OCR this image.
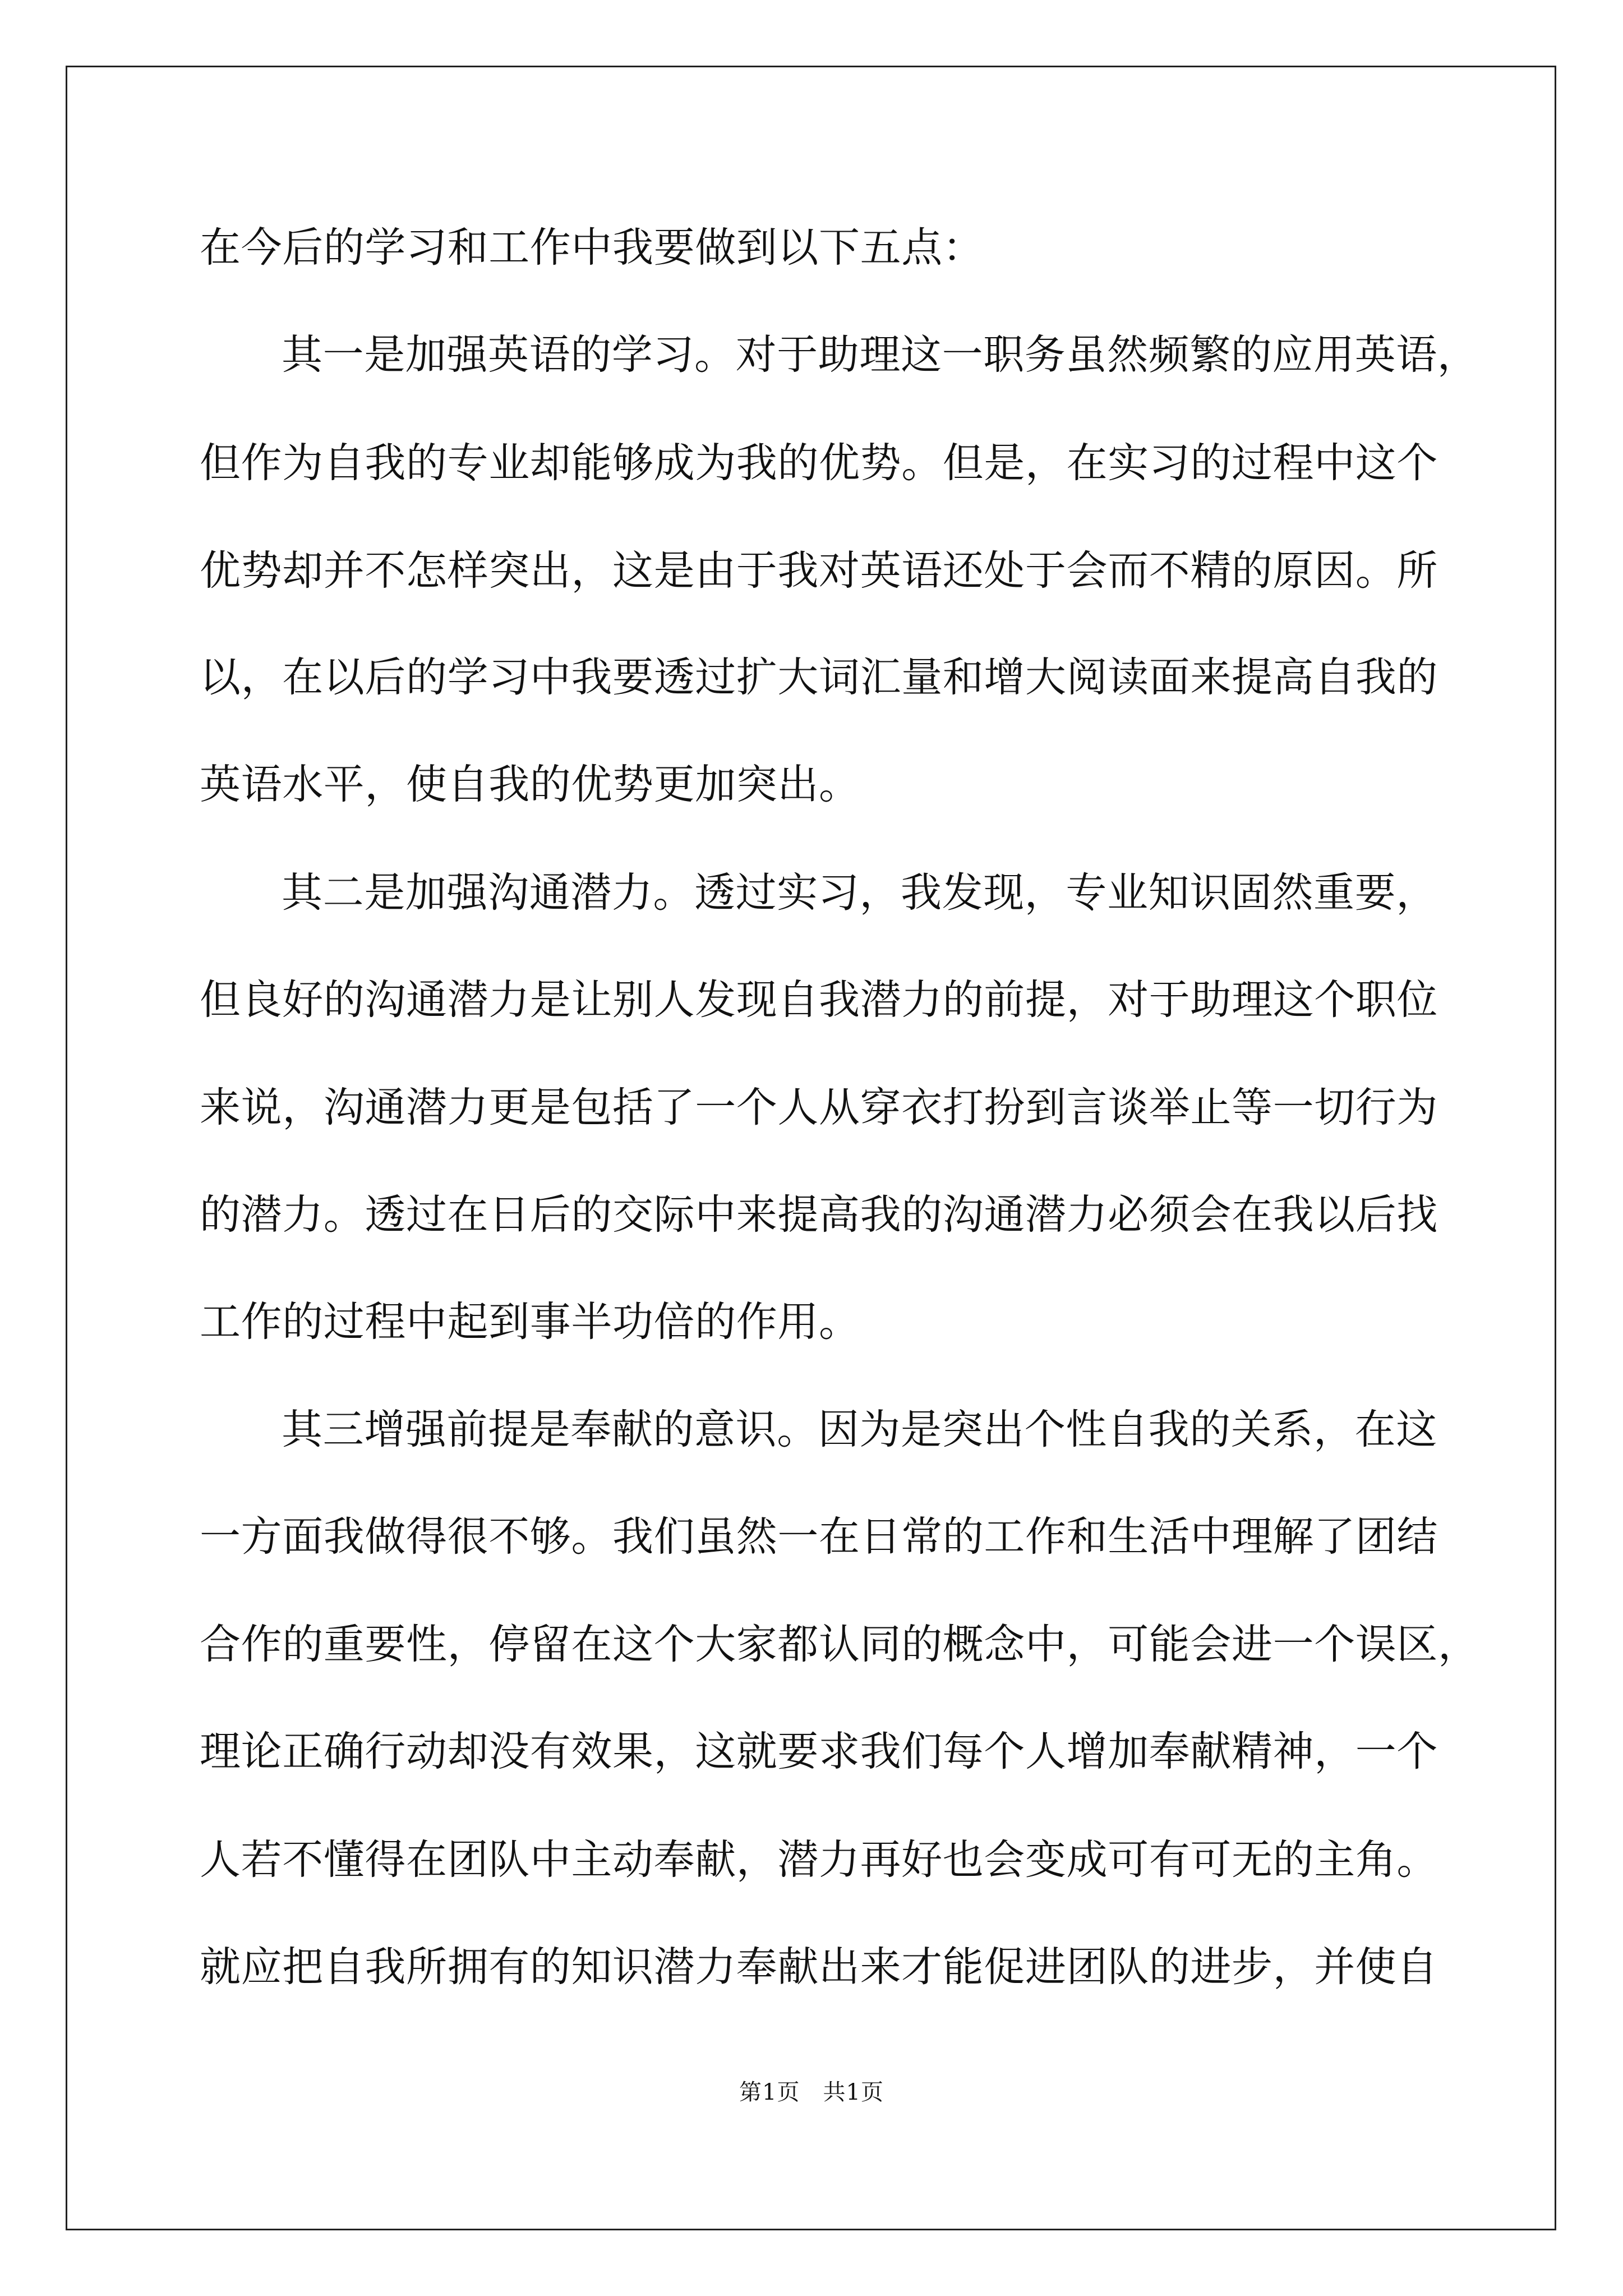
在今后的学习和工作中我要做到以下五点：
其一是加强英语的学习。对于助理这一职务虽然频繁的应用英语，
但作为自我的专业却能够成为我的优势。但是，在实习的过程中这个
优势却并不怎样突出，这是由于我对英语还处于会而不精的原因。所
以，在以后的学习中我要透过扩大词汇量和增大阅读面来提高自我的
英语水平，使自我的优势更加突出。
其二是加强沟通潜力。透过实习，我发现，专业知识固然重要，
但良好的沟通潜力是让别人发现自我潜力的前提，对于助理这个职位
来说，沟通潜力更是包括了一个人从穿衣打扮到言谈举止等一切行为
的潜力。透过在日后的交际中来提高我的沟通潜力必须会在我以后找
工作的过程中起到事半功倍的作用。
其三增强前提是奉献的意识。因为是突出个性自我的关系，在这
一方面我做得很不够。我们虽然一在日常的工作和生活中理解了团结
合作的重要性，停留在这个大家都认同的概念中，可能会进一个误区，
理论正确行动却没有效果，这就要求我们每个人增加奉献精神，一个
人若不懂得在团队中主动奉献，潜力再好也会变成可有可无的主角。
就应把自我所拥有的知识潜力奉献出来才能促进团队的进步，并使自
第1页　共1页
